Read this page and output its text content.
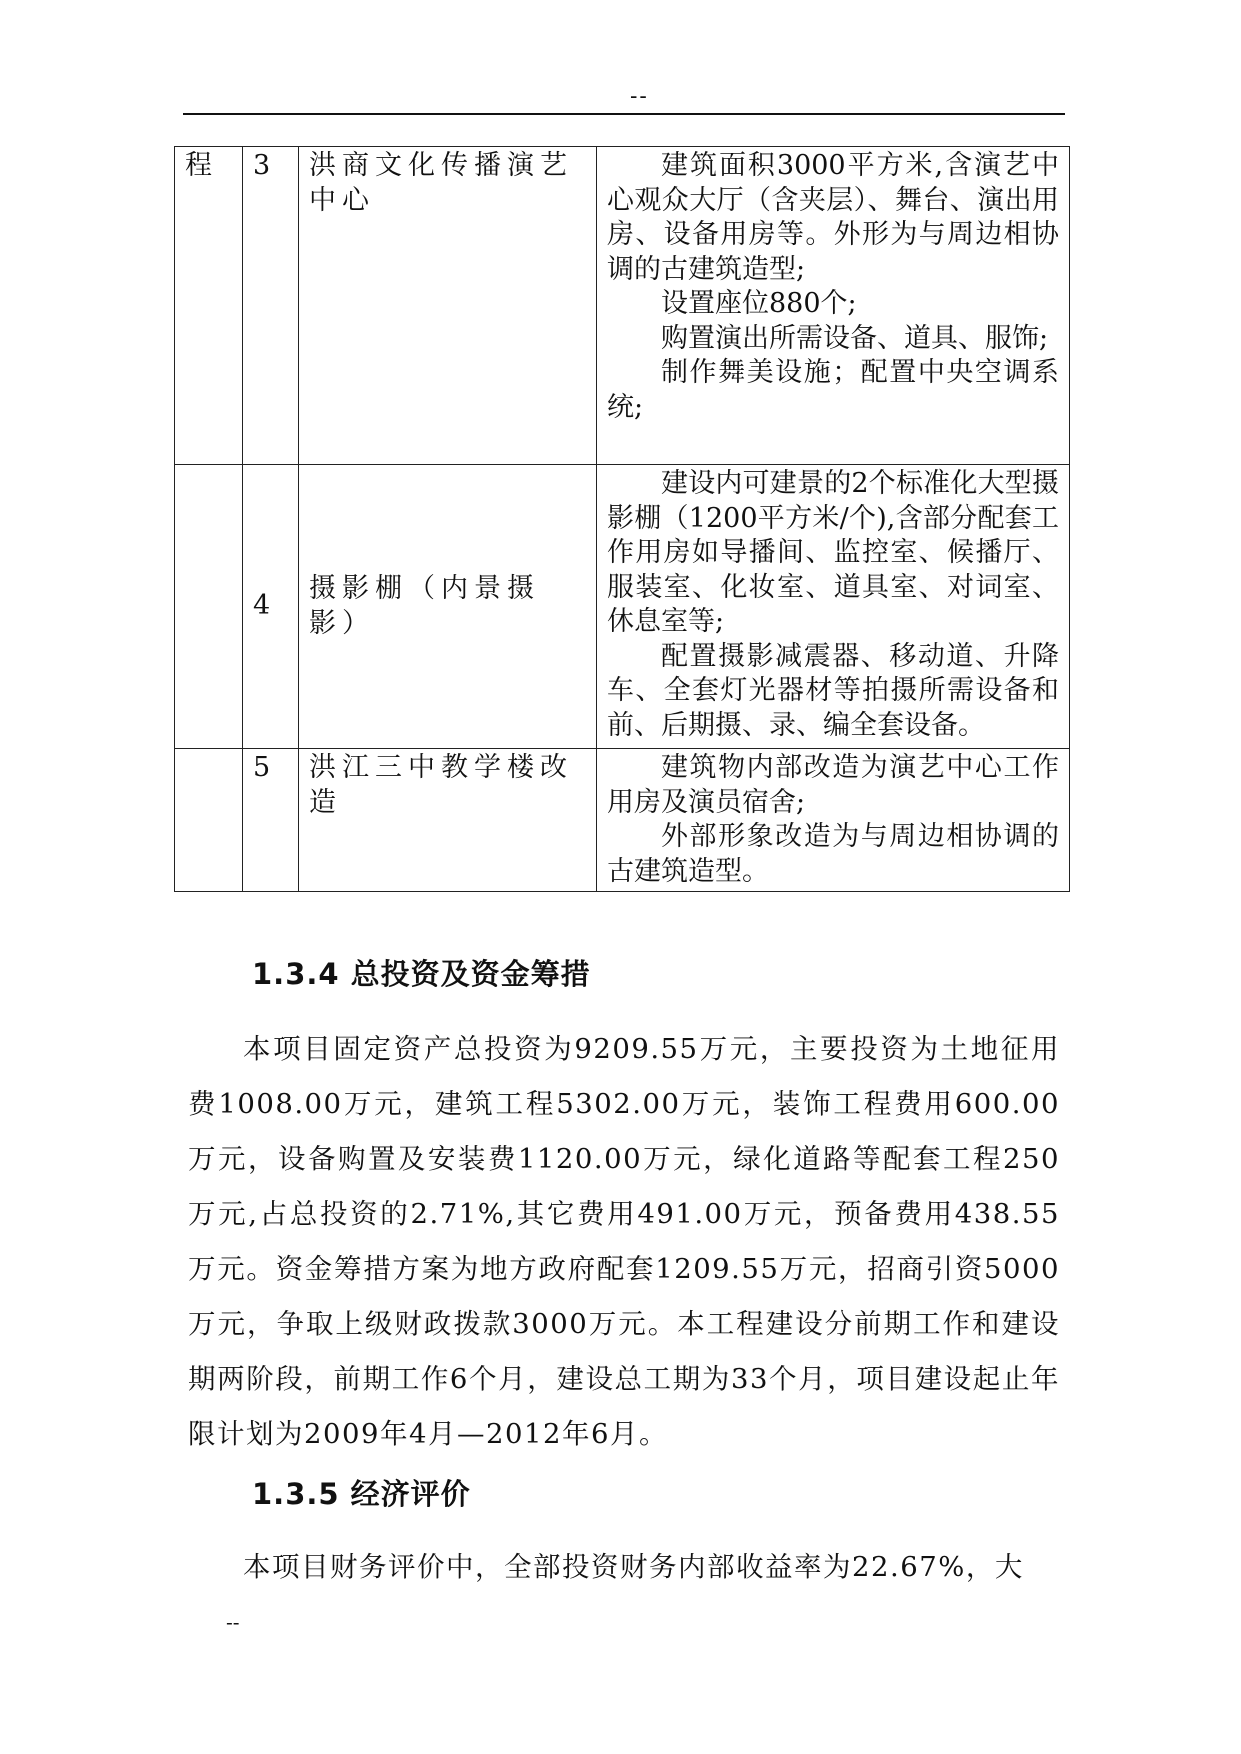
--
程	3	洪商文化传播演艺中心	建筑面积3000平方米,含演艺中心观众大厅（含夹层）、舞台、演出用房、设备用房等。外形为与周边相协调的古建筑造型;
设置座位880个;
购置演出所需设备、道具、服饰;
制作舞美设施；配置中央空调系统;

	4	摄影棚（内景摄影）	建设内可建景的2个标准化大型摄影棚（1200平方米/个),含部分配套工作用房如导播间、监控室、候播厅、服装室、化妆室、道具室、对词室、休息室等;
配置摄影减震器、移动道、升降车、全套灯光器材等拍摄所需设备和前、后期摄、录、编全套设备。

	5	洪江三中教学楼改造	建筑物内部改造为演艺中心工作用房及演员宿舍;
外部形象改造为与周边相协调的古建筑造型。
1.3.4 总投资及资金筹措

本项目固定资产总投资为9209.55万元，主要投资为土地征用费1008.00万元，建筑工程5302.00万元，装饰工程费用600.00万元，设备购置及安装费1120.00万元，绿化道路等配套工程250万元,占总投资的2.71%,其它费用491.00万元，预备费用438.55万元。资金筹措方案为地方政府配套1209.55万元，招商引资5000万元，争取上级财政拨款3000万元。本工程建设分前期工作和建设期两阶段，前期工作6个月，建设总工期为33个月，项目建设起止年限计划为2009年4月—2012年6月。

1.3.5 经济评价

本项目财务评价中，全部投资财务内部收益率为22.67%，大

--
